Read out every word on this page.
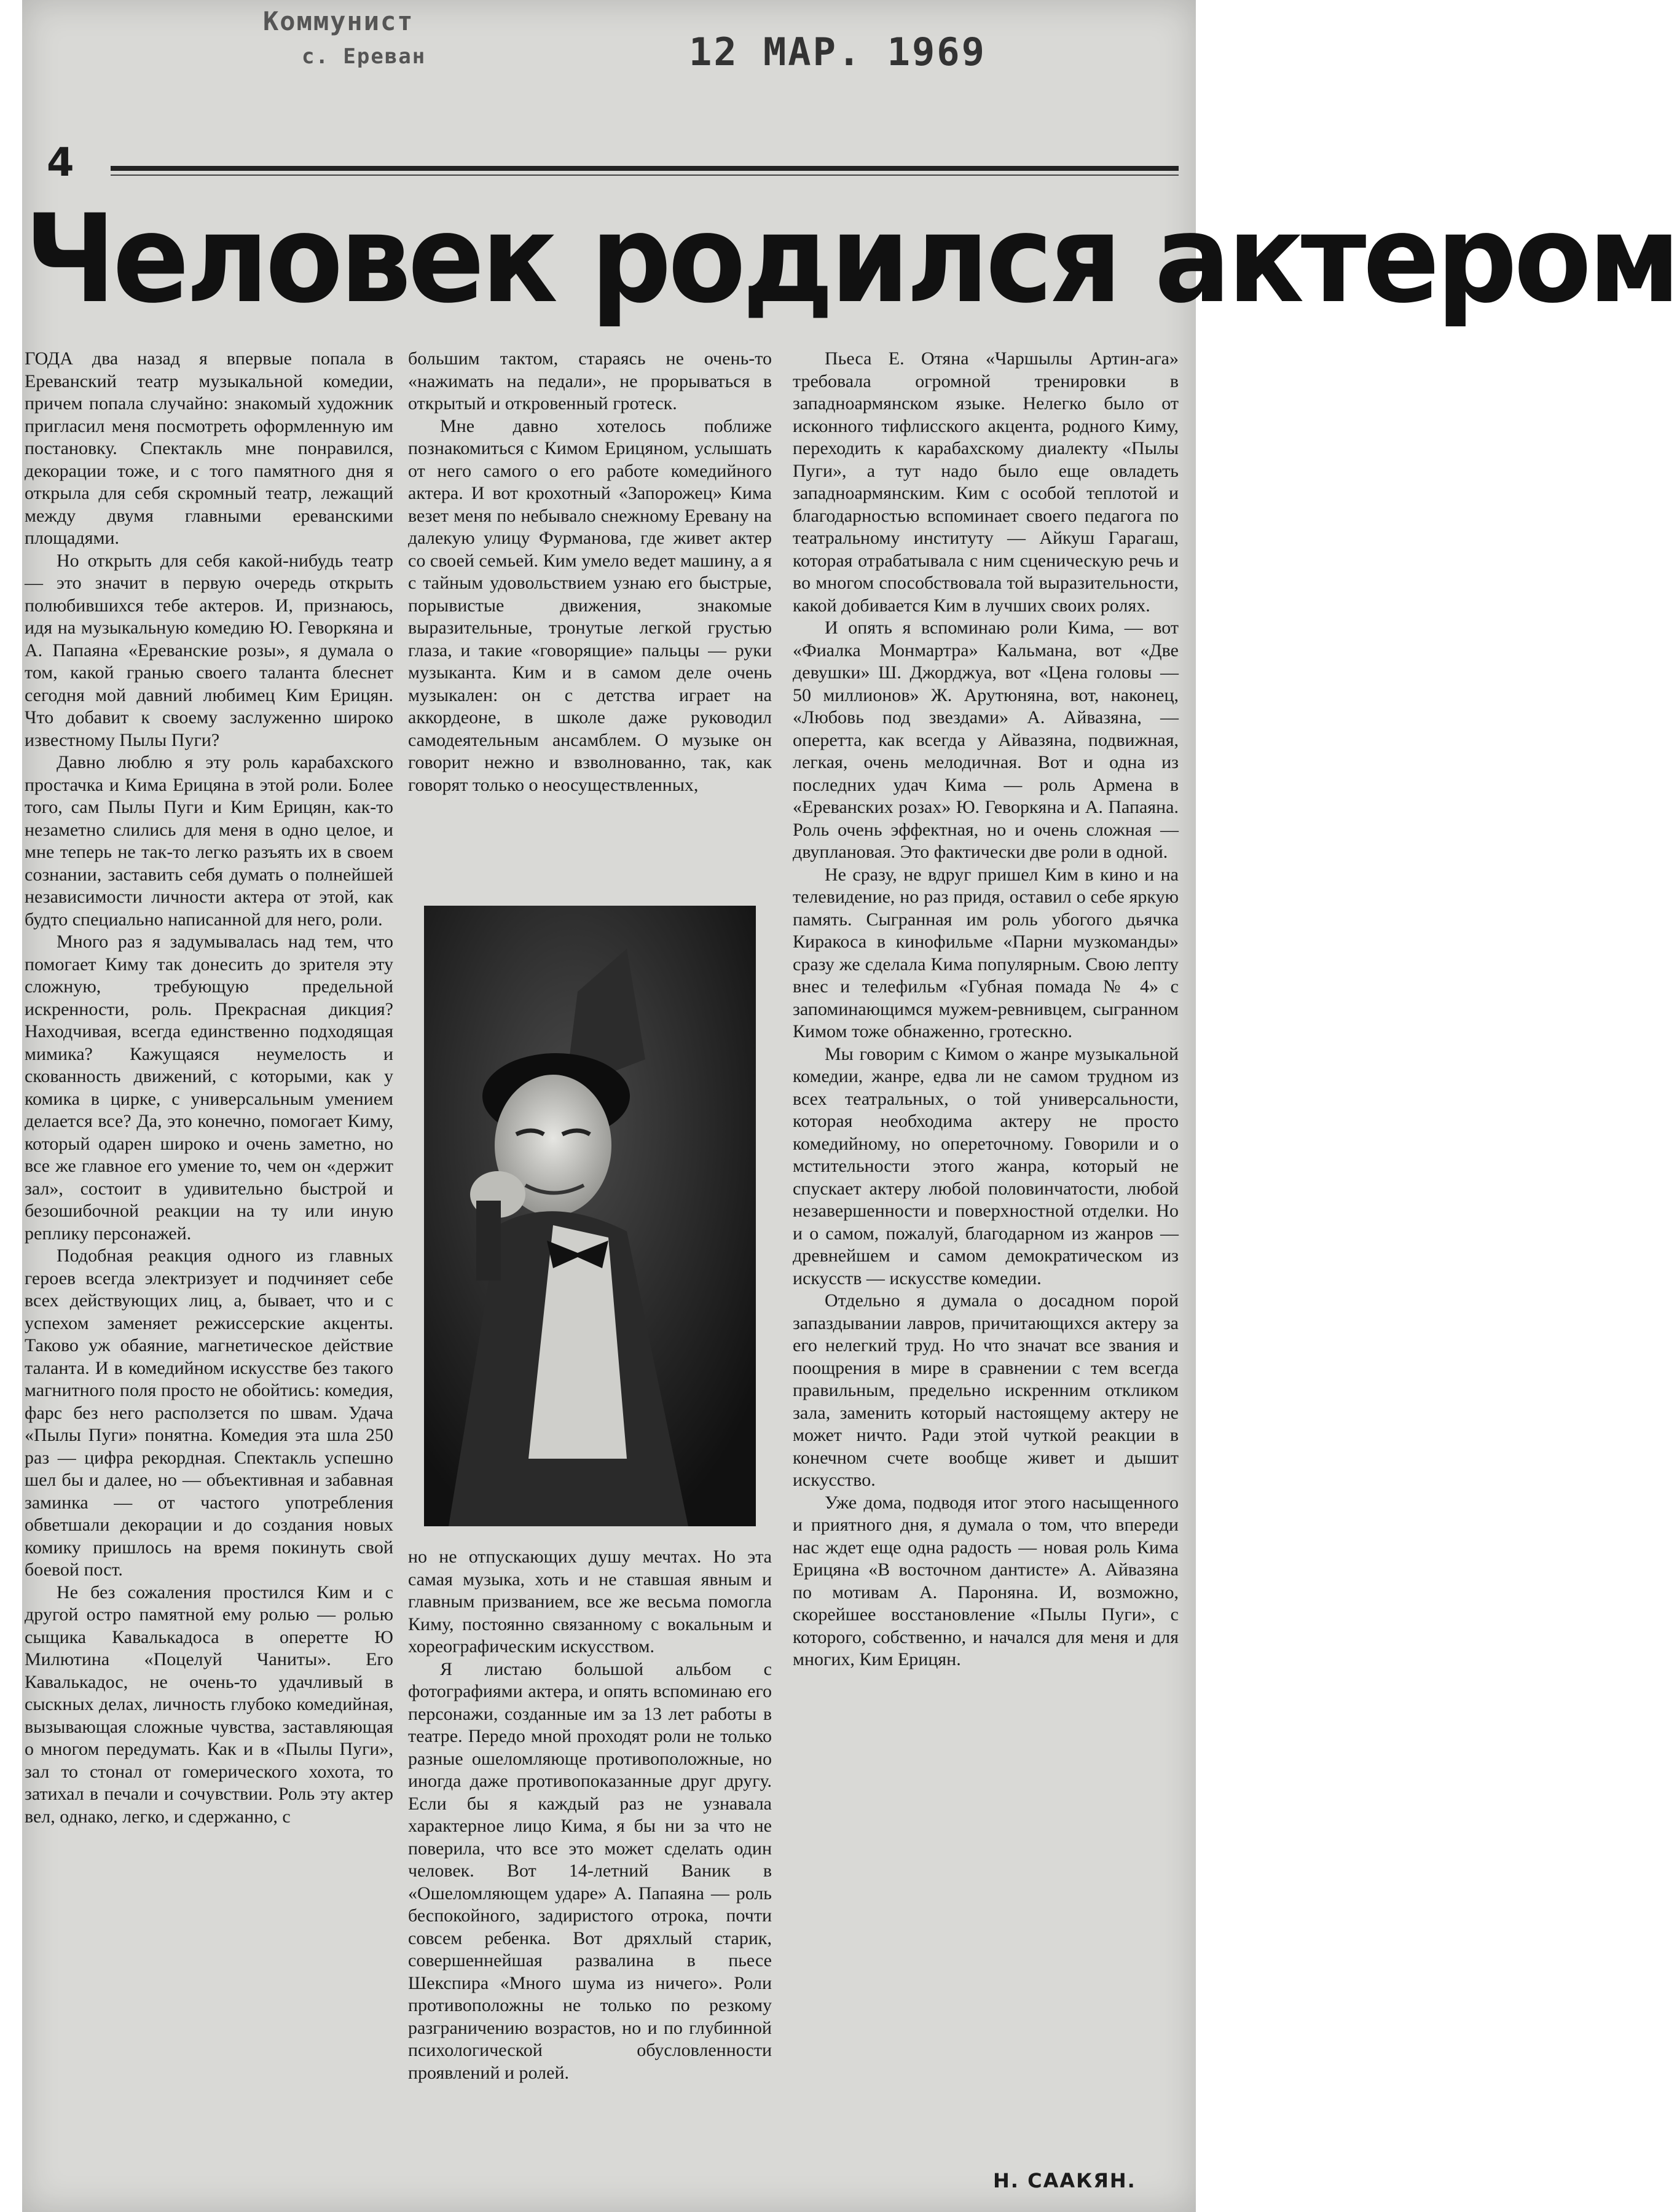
Коммунист
с. Ереван	12 МАР. 1969
4
Человек родился актером

ГОДА два назад я впервые попала в Ереванский театр музыкальной комедии, причем попала случайно: знакомый художник пригласил меня посмотреть оформленную им постановку. Спектакль мне понравился, декорации тоже, и с того памятного дня я открыла для себя скромный театр, лежащий между двумя главными ереванскими площадями.

Но открыть для себя какой-нибудь театр — это значит в первую очередь открыть полюбившихся тебе актеров. И, признаюсь, идя на музыкальную комедию Ю. Геворкяна и А. Папаяна «Ереванские розы», я думала о том, какой гранью своего таланта блеснет сегодня мой давний любимец Ким Ерицян. Что добавит к своему заслуженно широко известному Пылы Пуги?

Давно люблю я эту роль карабахского простачка и Кима Ерицяна в этой роли. Более того, сам Пылы Пуги и Ким Ерицян, как-то незаметно слились для меня в одно целое, и мне теперь не так-то легко разъять их в своем сознании, заставить себя думать о полнейшей независимости личности актера от этой, как будто специально написанной для него, роли.

Много раз я задумывалась над тем, что помогает Киму так донесить до зрителя эту сложную, требующую предельной искренности, роль. Прекрасная дикция? Находчивая, всегда единственно подходящая мимика? Кажущаяся неумелость и скованность движений, с которыми, как у комика в цирке, с универсальным умением делается все? Да, это конечно, помогает Киму, который одарен широко и очень заметно, но все же главное его умение то, чем он «держит зал», состоит в удивительно быстрой и безошибочной реакции на ту или иную реплику персонажей.

Подобная реакция одного из главных героев всегда электризует и подчиняет себе всех действующих лиц, а, бывает, что и с успехом заменяет режиссерские акценты. Таково уж обаяние, магнетическое действие таланта. И в комедийном искусстве без такого магнитного поля просто не обойтись: комедия, фарс без него расползется по швам. Удача «Пылы Пуги» понятна. Комедия эта шла 250 раз — цифра рекордная. Спектакль успешно шел бы и далее, но — объективная и забавная заминка — от частого употребления обветшали декорации и до создания новых комику пришлось на время покинуть свой боевой пост.

Не без сожаления простился Ким и с другой остро памятной ему ролью — ролью сыщика Кавалькадоса в оперетте Ю Милютина «Поцелуй Чаниты». Его Кавалькадос, не очень-то удачливый в сыскных делах, личность глубоко комедийная, вызывающая сложные чувства, заставляющая о многом передумать. Как и в «Пылы Пуги», зал то стонал от гомерического хохота, то затихал в печали и сочувствии. Роль эту актер вел, однако, легко, и сдержанно, с

большим тактом, стараясь не очень-то «нажимать на педали», не прорываться в открытый и откровенный гротеск.

Мне давно хотелось поближе познакомиться с Кимом Ерицяном, услышать от него самого о его работе комедийного актера. И вот крохотный «Запорожец» Кима везет меня по небывало снежному Еревану на далекую улицу Фурманова, где живет актер со своей семьей. Ким умело ведет машину, а я с тайным удовольствием узнаю его быстрые, порывистые движения, знакомые выразительные, тронутые легкой грустью глаза, и такие «говорящие» пальцы — руки музыканта. Ким и в самом деле очень музыкален: он с детства играет на аккордеоне, в школе даже руководил самодеятельным ансамблем. О музыке он говорит нежно и взволнованно, так, как говорят только о неосуществленных,

но не отпускающих душу мечтах. Но эта самая музыка, хоть и не ставшая явным и главным призванием, все же весьма помогла Киму, постоянно связанному с вокальным и хореографическим искусством.

Я листаю большой альбом с фотографиями актера, и опять вспоминаю его персонажи, созданные им за 13 лет работы в театре. Передо мной проходят роли не только разные ошеломляюще противоположные, но иногда даже противопоказанные друг другу. Если бы я каждый раз не узнавала характерное лицо Кима, я бы ни за что не поверила, что все это может сделать один человек. Вот 14-летний Ваник в «Ошеломляющем ударе» А. Папаяна — роль беспокойного, задиристого отрока, почти совсем ребенка. Вот дряхлый старик, совершеннейшая развалина в пьесе Шекспира «Много шума из ничего». Роли противоположны не только по резкому разграничению возрастов, но и по глубинной психологической обусловленности проявлений и ролей.

Пьеса Е. Отяна «Чаршылы Артин-ага» требовала огромной тренировки в западноармянском языке. Нелегко было от исконного тифлисского акцента, родного Киму, переходить к карабахскому диалекту «Пылы Пуги», а тут надо было еще овладеть западноармянским. Ким с особой теплотой и благодарностью вспоминает своего педагога по театральному институту — Айкуш Гарагаш, которая отрабатывала с ним сценическую речь и во многом способствовала той выразительности, какой добивается Ким в лучших своих ролях.

И опять я вспоминаю роли Кима, — вот «Фиалка Монмартра» Кальмана, вот «Две девушки» Ш. Джорджуа, вот «Цена головы — 50 миллионов» Ж. Арутюняна, вот, наконец, «Любовь под звездами» А. Айвазяна, — оперетта, как всегда у Айвазяна, подвижная, легкая, очень мелодичная. Вот и одна из последних удач Кима — роль Армена в «Ереванских розах» Ю. Геворкяна и А. Папаяна. Роль очень эффектная, но и очень сложная — двуплановая. Это фактически две роли в одной.

Не сразу, не вдруг пришел Ким в кино и на телевидение, но раз придя, оставил о себе яркую память. Сыгранная им роль убогого дьячка Киракоса в кинофильме «Парни музкоманды» сразу же сделала Кима популярным. Свою лепту внес и телефильм «Губная помада № 4» с запоминающимся мужем-ревнивцем, сыгранном Кимом тоже обнаженно, гротескно.

Мы говорим с Кимом о жанре музыкальной комедии, жанре, едва ли не самом трудном из всех театральных, о той универсальности, которая необходима актеру не просто комедийному, но опереточному. Говорили и о мстительности этого жанра, который не спускает актеру любой половинчатости, любой незавершенности и поверхностной отделки. Но и о самом, пожалуй, благодарном из жанров — древнейшем и самом демократическом из искусств — искусстве комедии.

Отдельно я думала о досадном порой запаздывании лавров, причитающихся актеру за его нелегкий труд. Но что значат все звания и поощрения в мире в сравнении с тем всегда правильным, предельно искренним откликом зала, заменить который настоящему актеру не может ничто. Ради этой чуткой реакции в конечном счете вообще живет и дышит искусство.

Уже дома, подводя итог этого насыщенного и приятного дня, я думала о том, что впереди нас ждет еще одна радость — новая роль Кима Ерицяна «В восточном дантисте» А. Айвазяна по мотивам А. Пароняна. И, возможно, скорейшее восстановление «Пылы Пуги», с которого, собственно, и начался для меня и для многих, Ким Ерицян.

Н. СААКЯН.
